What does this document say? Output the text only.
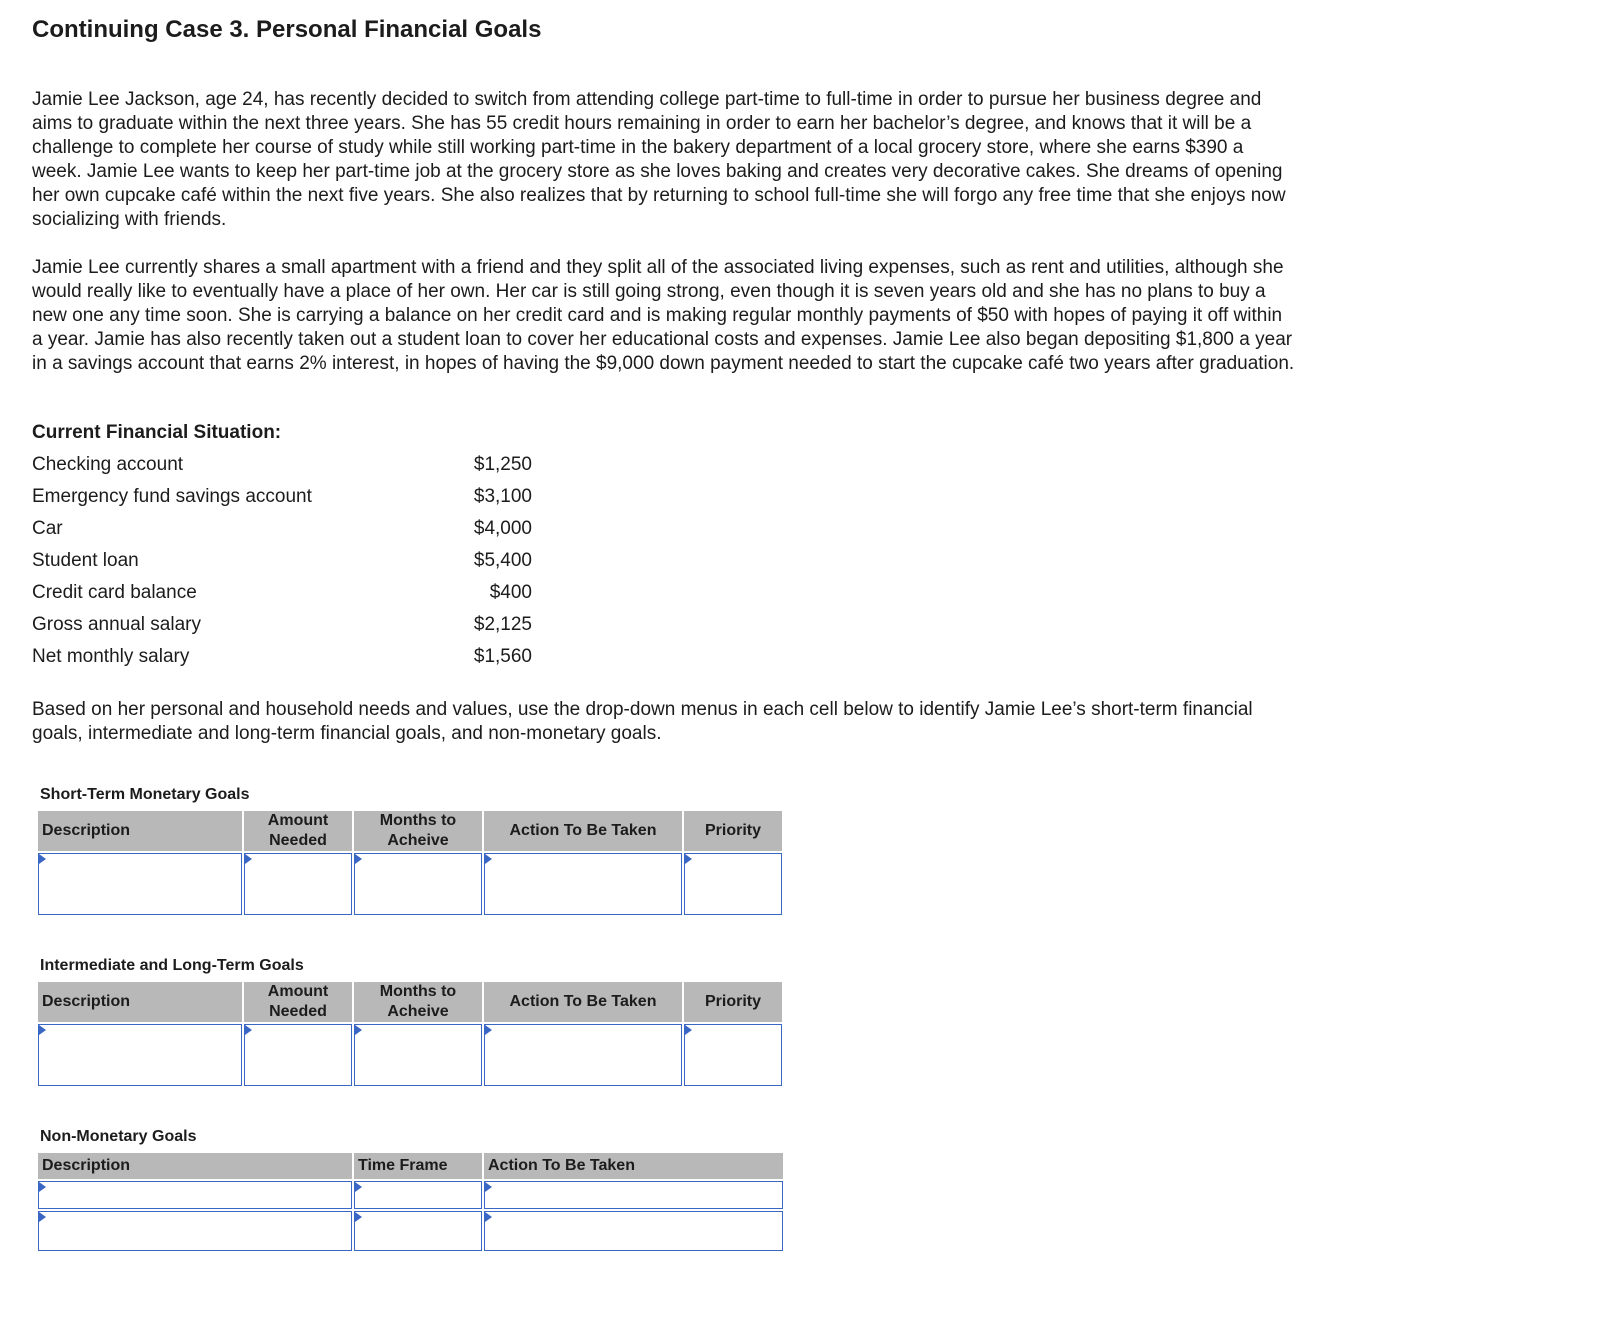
Continuing Case 3. Personal Financial Goals

Jamie Lee Jackson, age 24, has recently decided to switch from attending college part-time to full-time in order to pursue her business degree and aims to graduate within the next three years. She has 55 credit hours remaining in order to earn her bachelor’s degree, and knows that it will be a challenge to complete her course of study while still working part-time in the bakery department of a local grocery store, where she earns $390 a week. Jamie Lee wants to keep her part-time job at the grocery store as she loves baking and creates very decorative cakes. She dreams of opening her own cupcake café within the next five years. She also realizes that by returning to school full-time she will forgo any free time that she enjoys now socializing with friends.

Jamie Lee currently shares a small apartment with a friend and they split all of the associated living expenses, such as rent and utilities, although she would really like to eventually have a place of her own. Her car is still going strong, even though it is seven years old and she has no plans to buy a new one any time soon. She is carrying a balance on her credit card and is making regular monthly payments of $50 with hopes of paying it off within a year. Jamie has also recently taken out a student loan to cover her educational costs and expenses. Jamie Lee also began depositing $1,800 a year in a savings account that earns 2% interest, in hopes of having the $9,000 down payment needed to start the cupcake café two years after graduation.

Current Financial Situation:
Checking account	$1,250
Emergency fund savings account	$3,100
Car	$4,000
Student loan	$5,400
Credit card balance	$400
Gross annual salary	$2,125
Net monthly salary	$1,560

Based on her personal and household needs and values, use the drop-down menus in each cell below to identify Jamie Lee’s short-term financial goals, intermediate and long-term financial goals, and non-monetary goals.

Short-Term Monetary Goals
Description	Amount Needed	Months to Acheive	Action To Be Taken	Priority

Intermediate and Long-Term Goals
Description	Amount Needed	Months to Acheive	Action To Be Taken	Priority

Non-Monetary Goals
Description	Time Frame	Action To Be Taken
